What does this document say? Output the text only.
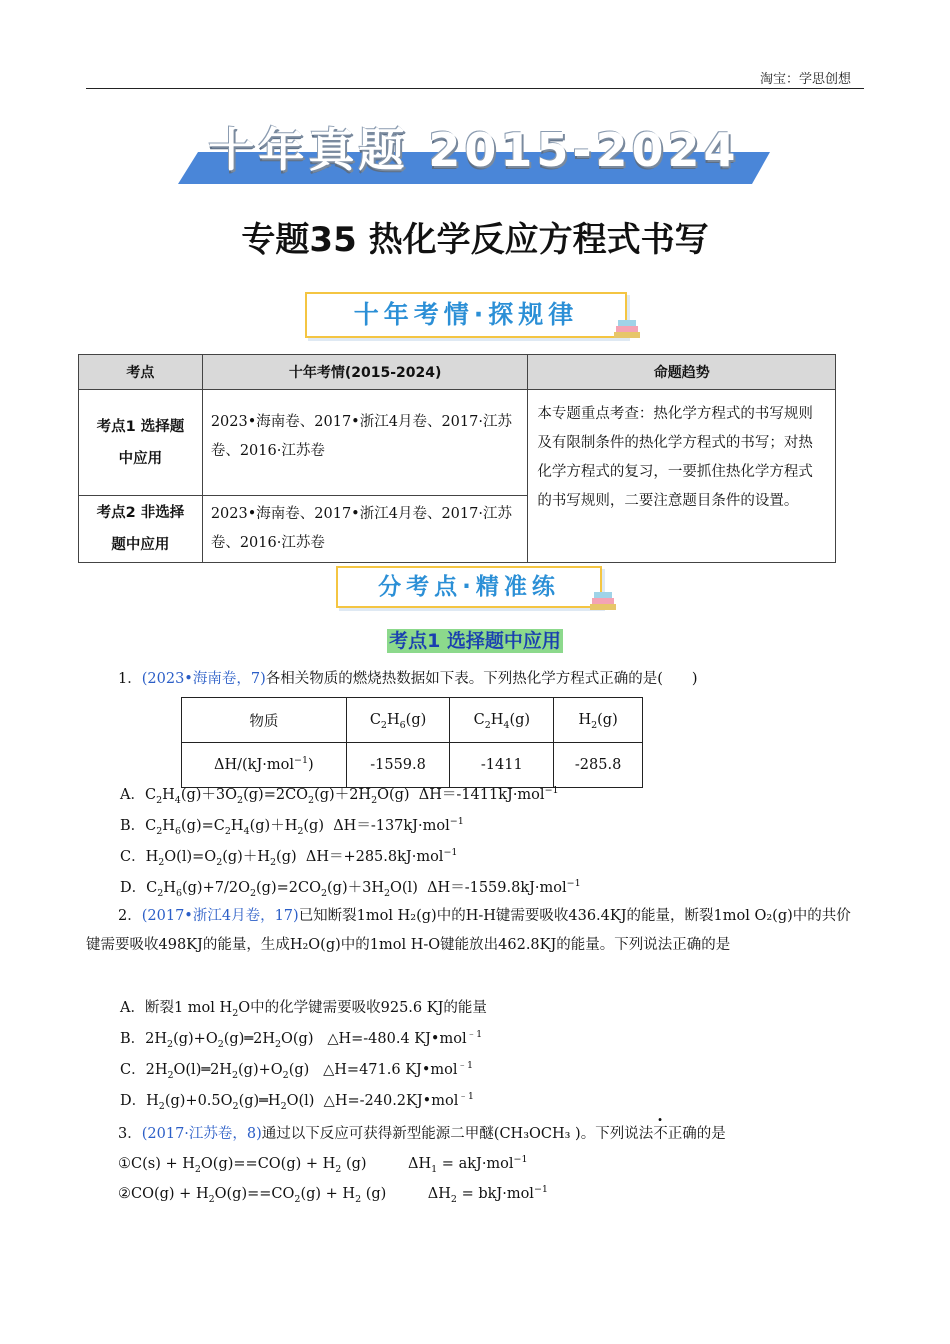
淘宝：学思创想
十年真题 2015-2024
专题35 热化学反应方程式书写
十年考情·探规律
考点	十年考情(2015-2024)	命题趋势

考点1 选择题
中应用	2023•海南卷、2017•浙江4月卷、2017·江苏卷、2016·江苏卷	本专题重点考查：热化学方程式的书写规则及有限制条件的热化学方程式的书写；对热化学方程式的复习，一要抓住热化学方程式的书写规则，二要注意题目条件的设置。

考点2 非选择
题中应用	2023•海南卷、2017•浙江4月卷、2017·江苏卷、2016·江苏卷	
分考点·精准练
考点1 选择题中应用
1．(2023•海南卷，7)各相关物质的燃烧热数据如下表。下列热化学方程式正确的是(　　)
物质	$C_2H_6(g)$	$C_2H_4(g)$	$H_2(g)$
ΔH/(kJ·mol$^{-1}$)	-1559.8	-1411	-285.8
A．$C_2H_4(g)+3O_2(g)=2CO_2(g)+2H_2O(g)$  ΔH＝-1411kJ·mol$^{-1}$
B．$C_2H_6(g)=C_2H_4(g)+H_2(g)$  ΔH＝-137kJ·mol$^{-1}$
C．$H_2O(l)=O_2(g)+H_2(g)$  ΔH＝+285.8kJ·mol$^{-1}$
D．$C_2H_6(g)+7/2O_2(g)=2CO_2(g)+3H_2O(l)$  ΔH＝-1559.8kJ·mol$^{-1}$
2．(2017•浙江4月卷，17)已知断裂1mol H₂(g)中的H-H键需要吸收436.4KJ的能量，断裂1mol O₂(g)中的共价键需要吸收498KJ的能量，生成H₂O(g)中的1mol H-O键能放出462.8KJ的能量。下列说法正确的是
A．断裂1 mol $H_2O$中的化学键需要吸收925.6 KJ的能量
B．$2H_2(g)+O_2(g)═2H_2O(g)$   △H=-480.4 KJ•mol$^{﹣1}$
C．$2H_2O(l)═2H_2(g)+O_2(g)$   △H=471.6 KJ•mol$^{﹣1}$
D．$H_2(g)+0.5O_2(g)═H_2O(l)$  △H=-240.2KJ•mol$^{﹣1}$
3．(2017·江苏卷，8)通过以下反应可获得新型能源二甲醚(CH₃OCH₃ )。下列说法不正确的是
①C(s) + $H_2O(g)==CO(g) + H_2$ (g)         $\Delta H_1 = akJ\cdot mol^{-1}$
②CO(g) + $H_2O(g)==CO_2(g) + H_2$ (g)         $\Delta H_2 = bkJ\cdot mol^{-1}$
